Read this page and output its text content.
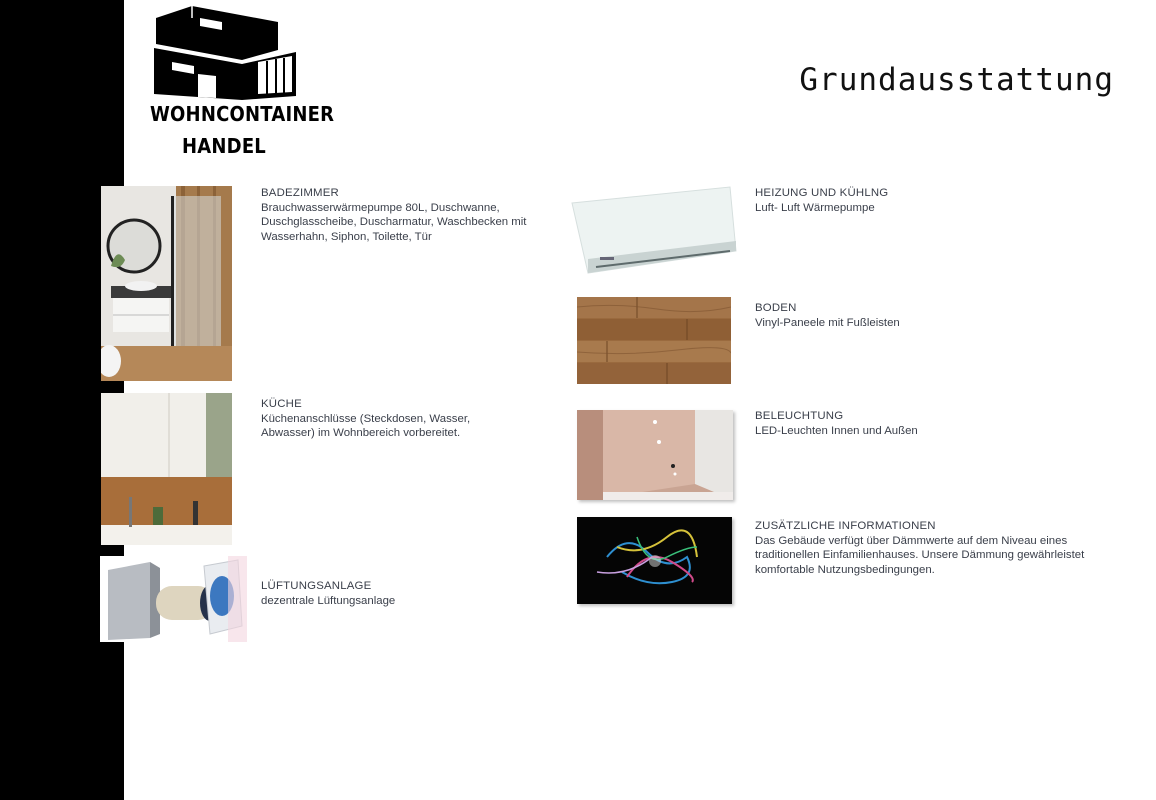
WOHNCONTAINER
HANDEL
Grundausstattung
BADEZIMMER
Brauchwasserwärmepumpe 80L, Duschwanne, Duschglasscheibe, Duscharmatur, Waschbecken mit Wasserhahn, Siphon, Toilette, Tür
KÜCHE
Küchenanschlüsse (Steckdosen, Wasser, Abwasser) im Wohnbereich vorbereitet.
LÜFTUNGSANLAGE
dezentrale Lüftungsanlage
HEIZUNG UND KÜHLNG
Luft- Luft Wärmepumpe
BODEN
Vinyl-Paneele mit Fußleisten
BELEUCHTUNG
LED-Leuchten Innen und Außen
ZUSÄTZLICHE INFORMATIONEN
Das Gebäude verfügt über Dämmwerte auf dem Niveau eines traditionellen Einfamilienhauses. Unsere Dämmung gewährleistet komfortable Nutzungsbedingungen.
